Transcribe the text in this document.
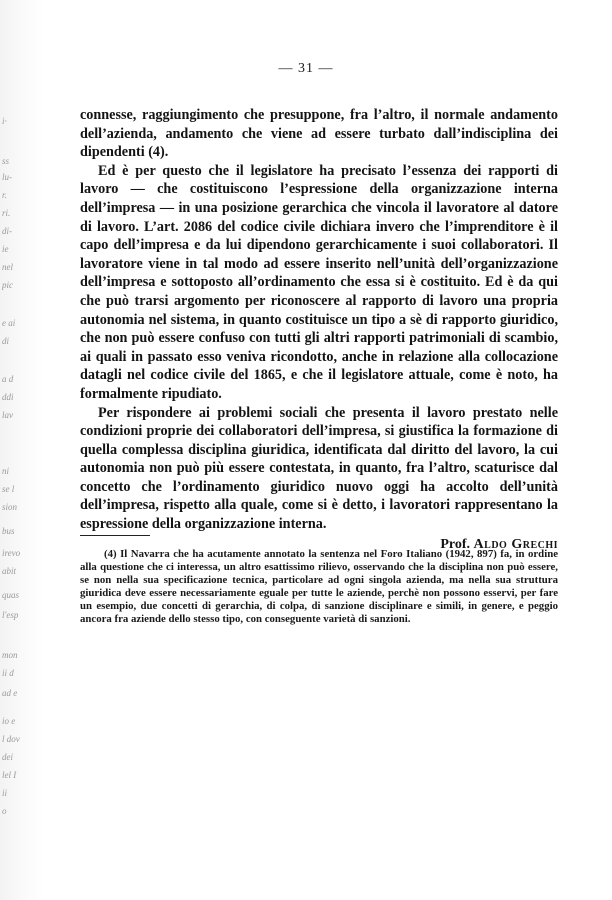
i·
ss
lu-
r.
ri.
di-
ie
nel
pic
e ai
di
a d
ddi
lav
ni
se l
sion
bus
irevo
abit
quas
l'esp
mon
ii d
ad e
io e
l dov
dei
lel I
ii
o

— 31 —

connesse, raggiungimento che presuppone, fra l’altro, il normale andamento dell’azienda, andamento che viene ad essere turbato dall’indisciplina dei dipendenti (4).

Ed è per questo che il legislatore ha precisato l’essenza dei rapporti di lavoro — che costituiscono l’espressione della organizzazione interna dell’impresa — in una posizione gerarchica che vincola il lavoratore al datore di lavoro. L’art. 2086 del codice civile dichiara invero che l’imprenditore è il capo dell’impresa e da lui dipendono gerarchicamente i suoi collaboratori. Il lavoratore viene in tal modo ad essere inserito nell’unità dell’organizzazione dell’impresa e sottoposto all’ordinamento che essa si è costituito. Ed è da qui che può trarsi argomento per riconoscere al rapporto di lavoro una propria autonomia nel sistema, in quanto costituisce un tipo a sè di rapporto giuridico, che non può essere confuso con tutti gli altri rapporti patrimoniali di scambio, ai quali in passato esso veniva ricondotto, anche in relazione alla collocazione datagli nel codice civile del 1865, e che il legislatore attuale, come è noto, ha formalmente ripudiato.

Per rispondere ai problemi sociali che presenta il lavoro prestato nelle condizioni proprie dei collaboratori dell’impresa, si giustifica la formazione di quella complessa disciplina giuridica, identificata dal diritto del lavoro, la cui autonomia non può più essere contestata, in quanto, fra l’altro, scaturisce dal concetto che l’ordinamento giuridico nuovo oggi ha accolto dell’unità dell’impresa, rispetto alla quale, come si è detto, i lavoratori rappresentano la espressione della organizzazione interna.

Prof. Aldo Grechi

(4) Il Navarra che ha acutamente annotato la sentenza nel Foro Italiano (1942, 897) fa, in ordine alla questione che ci interessa, un altro esattissimo rilievo, osservando che la disciplina non può essere, se non nella sua specificazione tecnica, particolare ad ogni singola azienda, ma nella sua struttura giuridica deve essere necessariamente eguale per tutte le aziende, perchè non possono esservi, per fare un esempio, due concetti di gerarchia, di colpa, di sanzione disciplinare e simili, in genere, e peggio ancora fra aziende dello stesso tipo, con conseguente varietà di sanzioni.
